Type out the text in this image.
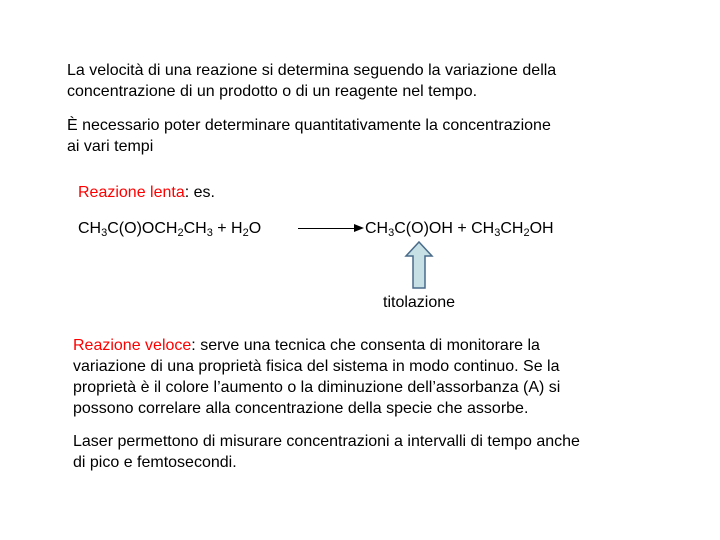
La velocità di una reazione si determina seguendo la variazione della
concentrazione di un prodotto o di un reagente nel tempo.
È necessario poter determinare quantitativamente la concentrazione
ai vari tempi
Reazione lenta: es.
$CH_3C(O)OCH_2CH_3 + H_2O$	$CH_3C(O)OH + CH_3CH_2OH$
titolazione
Reazione veloce: serve una tecnica che consenta di monitorare la
variazione di una proprietà fisica del sistema in modo continuo. Se la
proprietà è il colore l’aumento o la diminuzione dell’assorbanza (A) si
possono correlare alla concentrazione della specie che assorbe.
Laser permettono di misurare concentrazioni a intervalli di tempo anche
di pico e femtosecondi.
